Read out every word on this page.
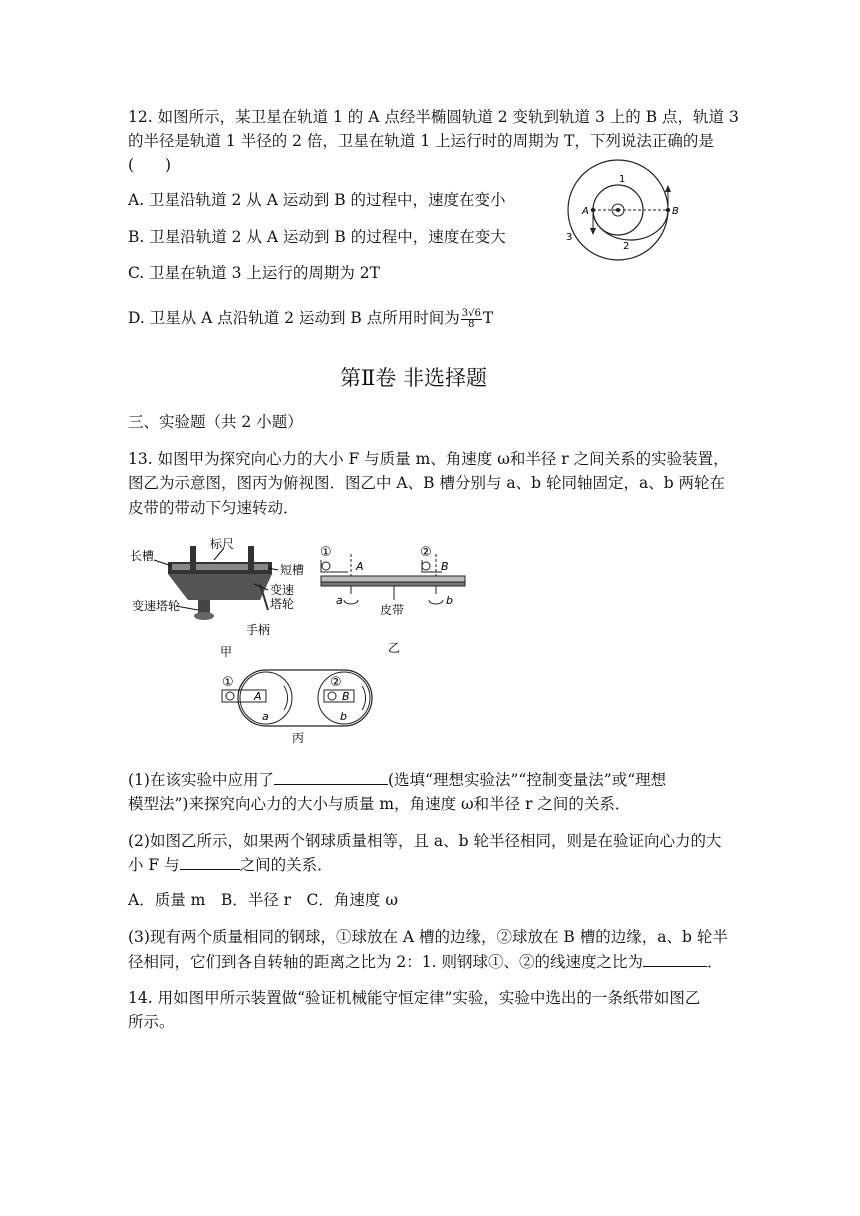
12. 如图所示，某卫星在轨道 1 的 A 点经半椭圆轨道 2 变轨到轨道 3 上的 B 点，轨道 3
的半径是轨道 1 半径的 2 倍，卫星在轨道 1 上运行时的周期为 T，下列说法正确的是
(　　)
A. 卫星沿轨道 2 从 A 运动到 B 的过程中，速度在变小
B. 卫星沿轨道 2 从 A 运动到 B 的过程中，速度在变大
C. 卫星在轨道 3 上运行的周期为 2T
D. 卫星从 A 点沿轨道 2 运动到 B 点所用时间为 $\frac{3√6}{8}$ T
1
2
3
A	B
第Ⅱ卷 非选择题
三、实验题（共 2 小题）
13. 如图甲为探究向心力的大小 F 与质量 m、角速度 ω和半径 r 之间关系的实验装置，
图乙为示意图，图丙为俯视图．图乙中 A、B 槽分别与 a、b 轮同轴固定，a、b 两轮在
皮带的带动下匀速转动．
长槽
标尺
短槽
变速
塔轮
变速塔轮
手柄
甲
①	②
A	B
a	b
皮带
乙
①	②
A	B
a	b
丙
(1)在该实验中应用了	(选填“理想实验法”“控制变量法”或“理想
模型法”)来探究向心力的大小与质量 m，角速度 ω和半径 r 之间的关系．
(2)如图乙所示，如果两个钢球质量相等，且 a、b 轮半径相同，则是在验证向心力的大
小 F 与	之间的关系．
A．质量 m　B．半径 r　C．角速度 ω
(3)现有两个质量相同的钢球，①球放在 A 槽的边缘，②球放在 B 槽的边缘，a、b 轮半
径相同，它们到各自转轴的距离之比为 2：1. 则钢球①、②的线速度之比为	．
14. 用如图甲所示装置做“验证机械能守恒定律”实验，实验中选出的一条纸带如图乙
所示。
